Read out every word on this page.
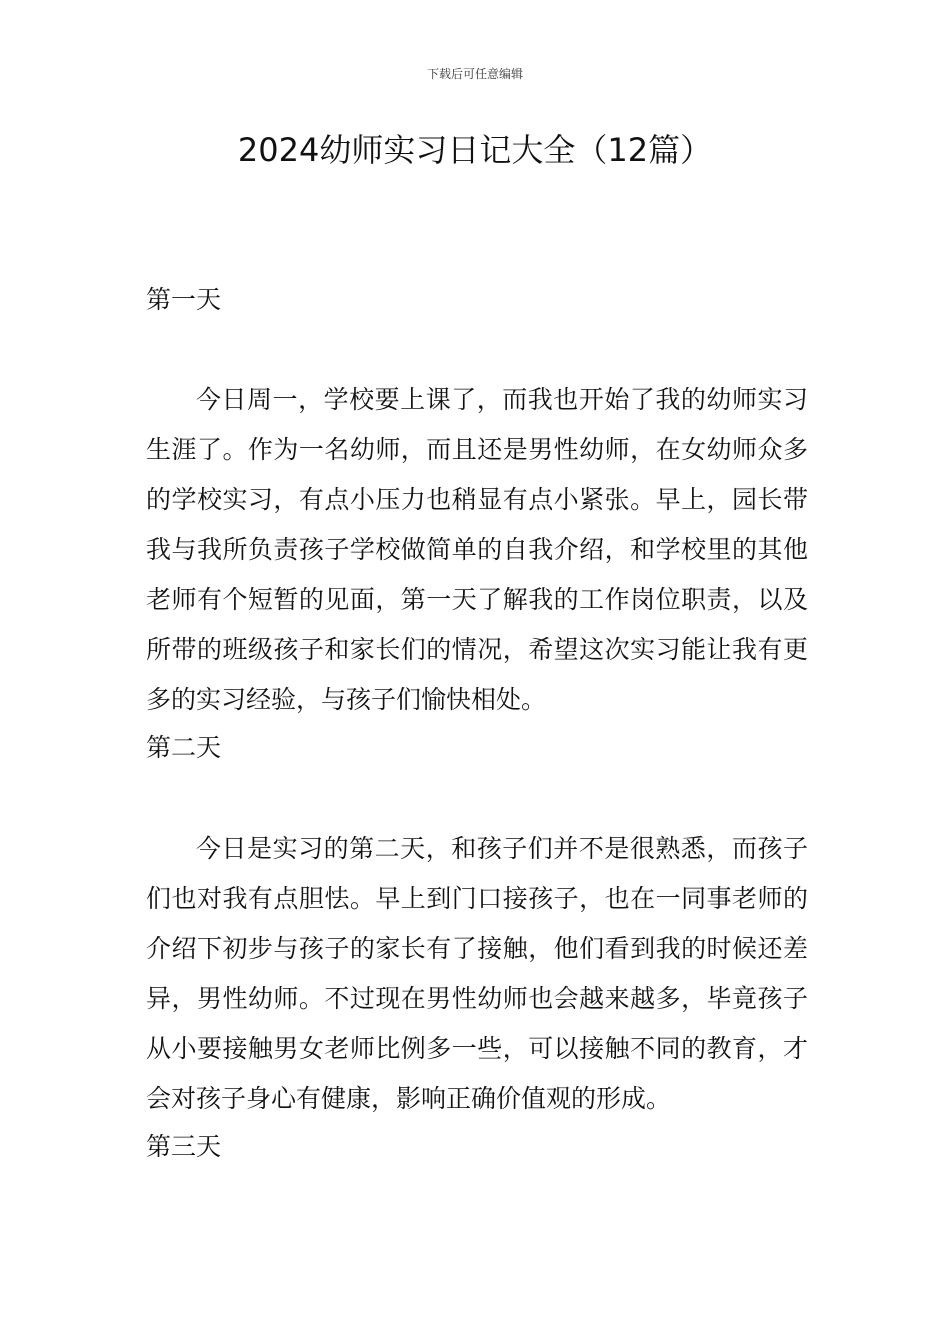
下载后可任意编辑
2024幼师实习日记大全（12篇）
第一天

今日周一，学校要上课了，而我也开始了我的幼师实习生涯了。作为一名幼师，而且还是男性幼师，在女幼师众多的学校实习，有点小压力也稍显有点小紧张。早上，园长带我与我所负责孩子学校做简单的自我介绍，和学校里的其他老师有个短暂的见面，第一天了解我的工作岗位职责，以及所带的班级孩子和家长们的情况，希望这次实习能让我有更多的实习经验，与孩子们愉快相处。

第二天

今日是实习的第二天，和孩子们并不是很熟悉，而孩子们也对我有点胆怯。早上到门口接孩子，也在一同事老师的介绍下初步与孩子的家长有了接触，他们看到我的时候还差异，男性幼师。不过现在男性幼师也会越来越多，毕竟孩子从小要接触男女老师比例多一些，可以接触不同的教育，才会对孩子身心有健康，影响正确价值观的形成。

第三天
